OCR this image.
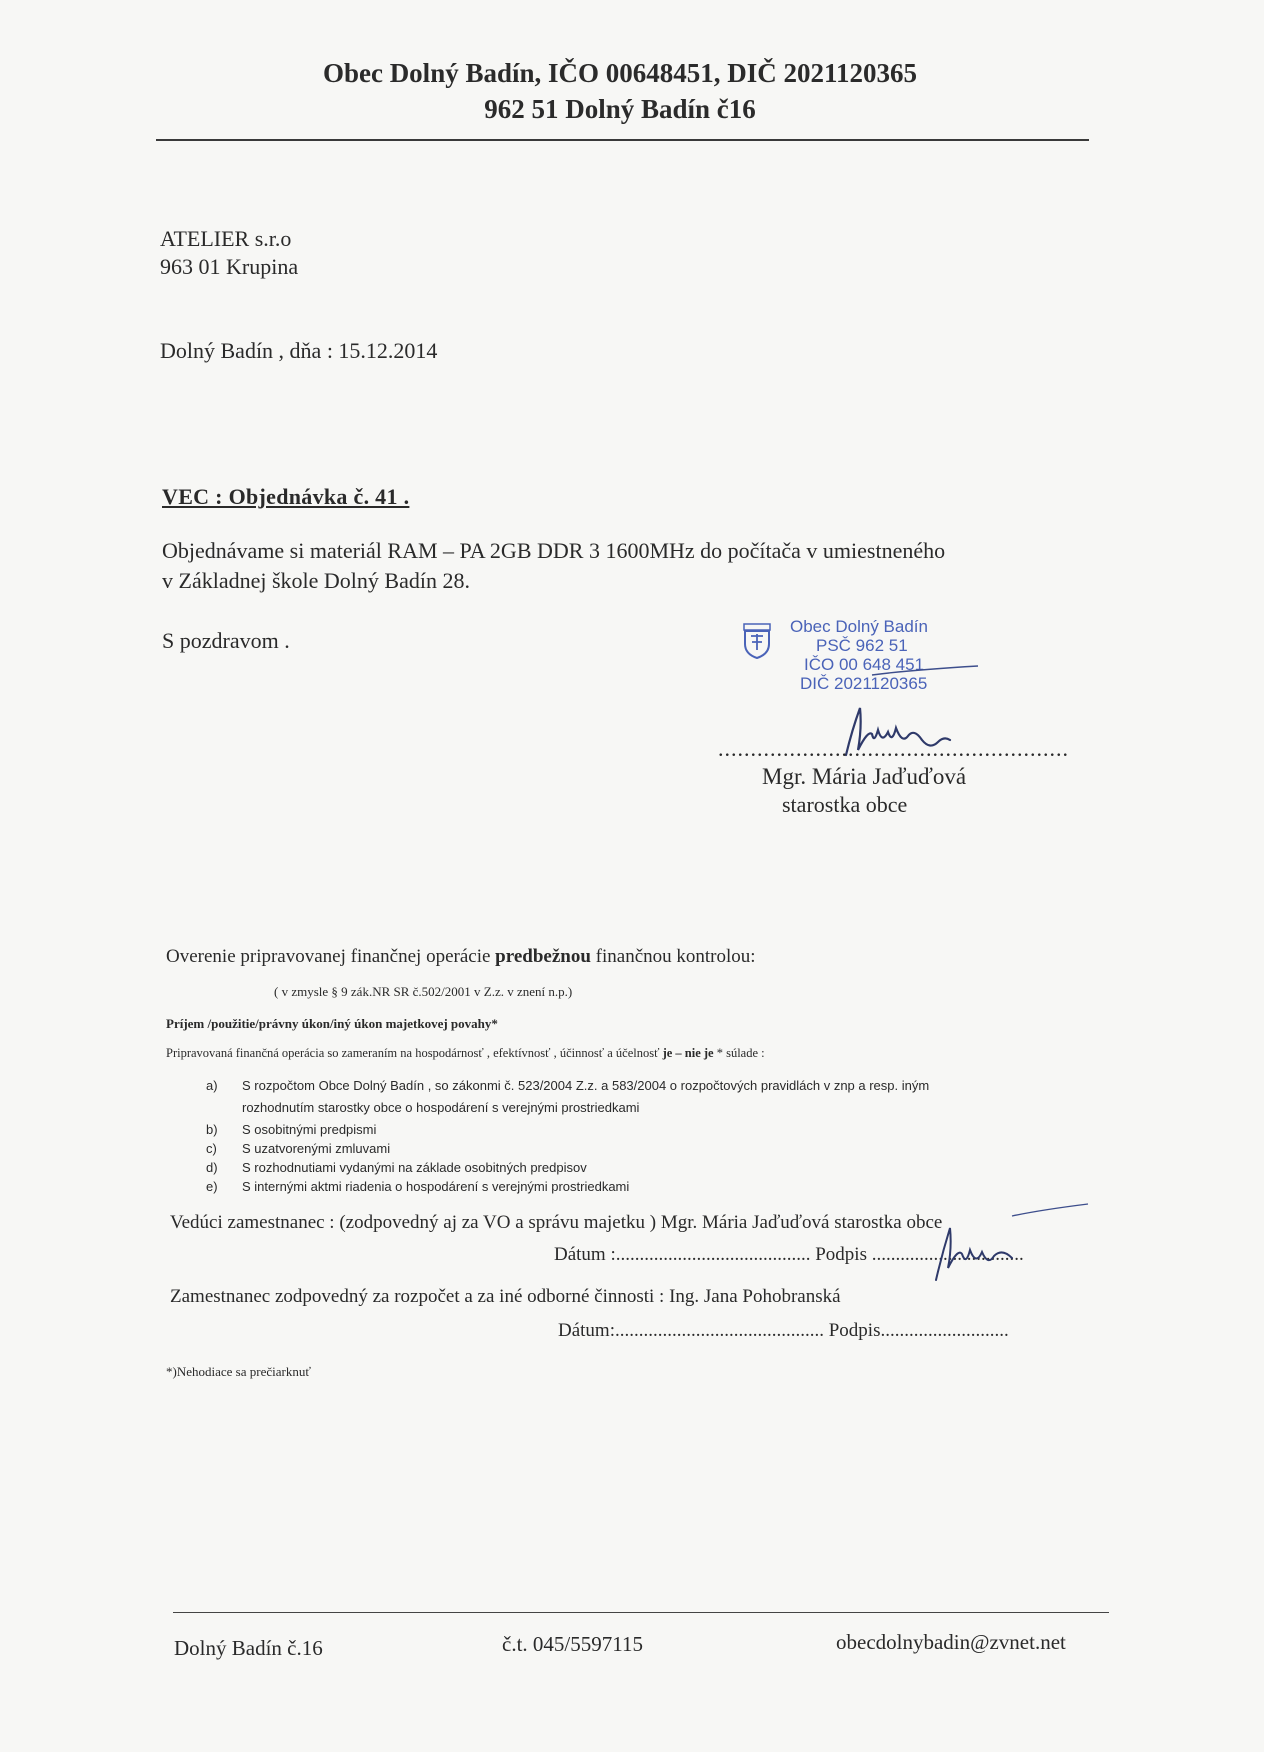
Obec Dolný Badín, IČO 00648451, DIČ 2021120365
962 51 Dolný Badín č16
ATELIER s.r.o
963 01 Krupina
Dolný Badín , dňa : 15.12.2014
VEC : Objednávka č. 41 .
Objednávame si materiál RAM – PA 2GB DDR 3 1600MHz do počítača v umiestneného
v Základnej škole Dolný Badín 28.
S pozdravom .
Obec Dolný Badín
PSČ 962 51
IČO 00 648 451
DIČ 2021120365
......................................................
Mgr. Mária Jaďuďová
starostka obce
Overenie pripravovanej finančnej operácie predbežnou finančnou kontrolou:
( v zmysle § 9 zák.NR SR č.502/2001 v Z.z. v znení n.p.)
Príjem /použitie/právny úkon/iný úkon majetkovej povahy*
Pripravovaná finančná operácia so zameraním na hospodárnosť , efektívnosť , účinnosť a účelnosť je – nie je * súlade :
a) S rozpočtom Obce Dolný Badín , so zákonmi č. 523/2004 Z.z. a 583/2004 o rozpočtových pravidlách v znp a resp. iným
rozhodnutím starostky obce o hospodárení s verejnými prostriedkami
b) S osobitnými predpismi
c) S uzatvorenými zmluvami
d) S rozhodnutiami vydanými na základe osobitných predpisov
e) S internými aktmi riadenia o hospodárení s verejnými prostriedkami
Vedúci zamestnanec : (zodpovedný aj za VO a správu majetku ) Mgr. Mária Jaďuďová starostka obce
Dátum :......................................... Podpis ................................
Zamestnanec zodpovedný za rozpočet a za iné odborné činnosti : Ing. Jana Pohobranská
Dátum:............................................ Podpis...........................
*)Nehodiace sa prečiarknuť
Dolný Badín č.16	č.t. 045/5597115	obecdolnybadin@zvnet.net
